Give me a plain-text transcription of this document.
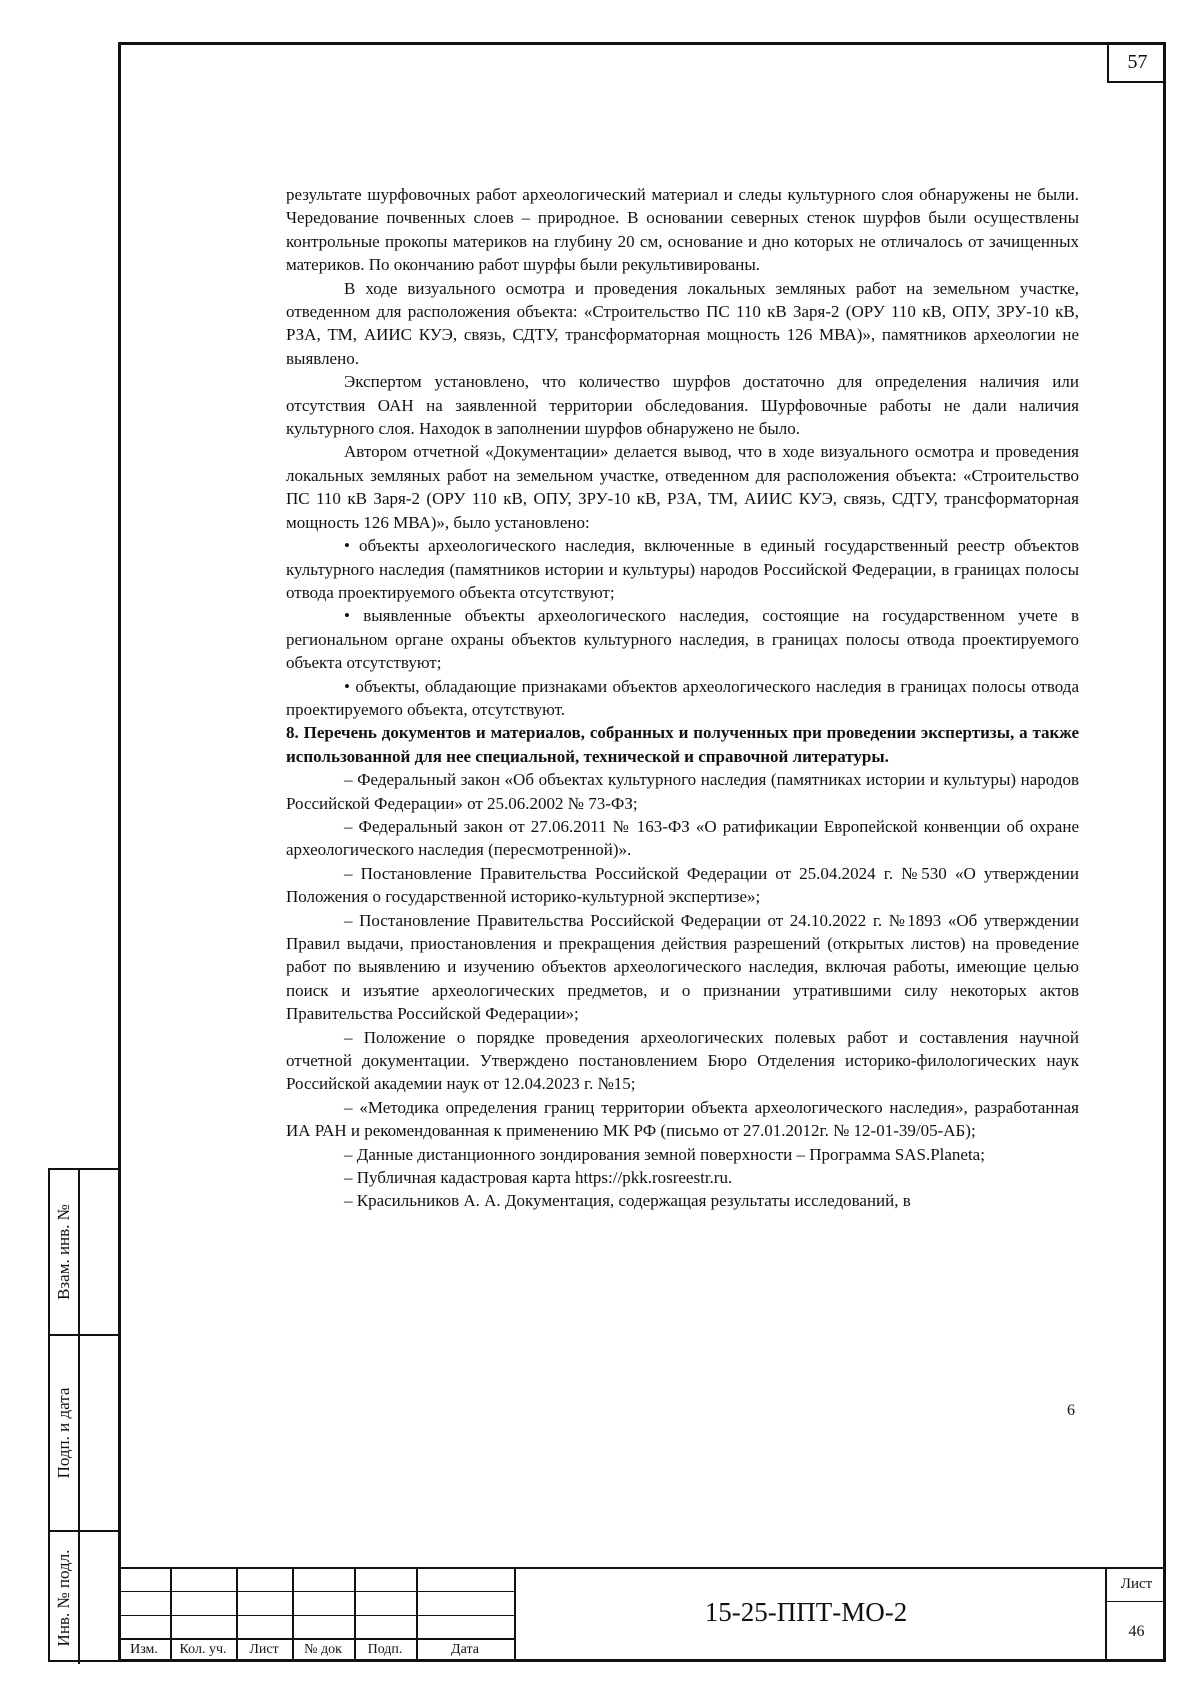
57

результате шурфовочных работ археологический материал и следы культурного слоя обнаружены не были. Чередование почвенных слоев – природное. В основании северных стенок шурфов были осуществлены контрольные прокопы материков на глубину 20 см, основание и дно которых не отличалось от зачищенных материков. По окончанию работ шурфы были рекультивированы.

В ходе визуального осмотра и проведения локальных земляных работ на земельном участке, отведенном для расположения объекта: «Строительство ПС 110 кВ Заря-2 (ОРУ 110 кВ, ОПУ, ЗРУ-10 кВ, РЗА, ТМ, АИИС КУЭ, связь, СДТУ, трансформаторная мощность 126 МВА)», памятников археологии не выявлено.

Экспертом установлено, что количество шурфов достаточно для определения наличия или отсутствия ОАН на заявленной территории обследования. Шурфовочные работы не дали наличия культурного слоя. Находок в заполнении шурфов обнаружено не было.

Автором отчетной «Документации» делается вывод, что в ходе визуального осмотра и проведения локальных земляных работ на земельном участке, отведенном для расположения объекта: «Строительство ПС 110 кВ Заря-2 (ОРУ 110 кВ, ОПУ, ЗРУ-10 кВ, РЗА, ТМ, АИИС КУЭ, связь, СДТУ, трансформаторная мощность 126 МВА)», было установлено:

• объекты археологического наследия, включенные в единый государственный реестр объектов культурного наследия (памятников истории и культуры) народов Российской Федерации, в границах полосы отвода проектируемого объекта отсутствуют;

• выявленные объекты археологического наследия, состоящие на государственном учете в региональном органе охраны объектов культурного наследия, в границах полосы отвода проектируемого объекта отсутствуют;

• объекты, обладающие признаками объектов археологического наследия в границах полосы отвода проектируемого объекта, отсутствуют.

8. Перечень документов и материалов, собранных и полученных при проведении экспертизы, а также использованной для нее специальной, технической и справочной литературы.

– Федеральный закон «Об объектах культурного наследия (памятниках истории и культуры) народов Российской Федерации» от 25.06.2002 № 73-ФЗ;

– Федеральный закон от 27.06.2011 № 163-ФЗ «О ратификации Европейской конвенции об охране археологического наследия (пересмотренной)».

– Постановление Правительства Российской Федерации от 25.04.2024 г. №530 «О утверждении Положения о государственной историко-культурной экспертизе»;

– Постановление Правительства Российской Федерации от 24.10.2022 г. №1893 «Об утверждении Правил выдачи, приостановления и прекращения действия разрешений (открытых листов) на проведение работ по выявлению и изучению объектов археологического наследия, включая работы, имеющие целью поиск и изъятие археологических предметов, и о признании утратившими силу некоторых актов Правительства Российской Федерации»;

– Положение о порядке проведения археологических полевых работ и составления научной отчетной документации. Утверждено постановлением Бюро Отделения историко-филологических наук Российской академии наук от 12.04.2023 г. №15;

– «Методика определения границ территории объекта археологического наследия», разработанная ИА РАН и рекомендованная к применению МК РФ (письмо от 27.01.2012г. № 12-01-39/05-АБ);

– Данные дистанционного зондирования земной поверхности – Программа SAS.Planeta;

– Публичная кадастровая карта https://pkk.rosreestr.ru.

– Красильников А. А. Документация, содержащая результаты исследований, в

6
Взам. инв. №
Подп. и дата
Инв. № подл.
Изм.	Кол. уч.	Лист	№ док	Подп.	Дата
15-25-ППТ-МО-2
Лист
46
